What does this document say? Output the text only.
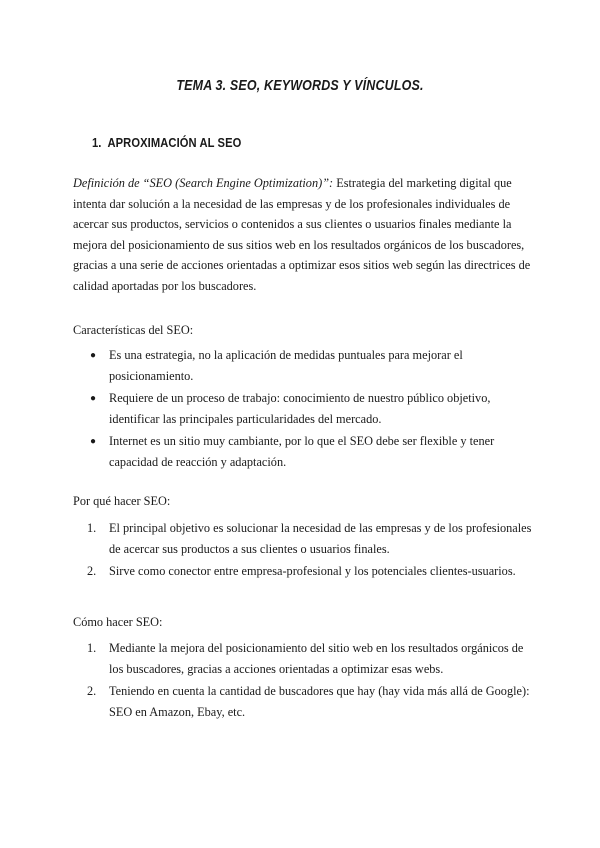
TEMA 3. SEO, KEYWORDS Y VÍNCULOS.
1. APROXIMACIÓN AL SEO
Definición de “SEO (Search Engine Optimization)”: Estrategia del marketing digital que intenta dar solución a la necesidad de las empresas y de los profesionales individuales de acercar sus productos, servicios o contenidos a sus clientes o usuarios finales mediante la mejora del posicionamiento de sus sitios web en los resultados orgánicos de los buscadores, gracias a una serie de acciones orientadas a optimizar esos sitios web según las directrices de calidad aportadas por los buscadores.
Características del SEO:
● Es una estrategia, no la aplicación de medidas puntuales para mejorar el posicionamiento.
● Requiere de un proceso de trabajo: conocimiento de nuestro público objetivo, identificar las principales particularidades del mercado.
● Internet es un sitio muy cambiante, por lo que el SEO debe ser flexible y tener capacidad de reacción y adaptación.
Por qué hacer SEO:
1. El principal objetivo es solucionar la necesidad de las empresas y de los profesionales de acercar sus productos a sus clientes o usuarios finales.
2. Sirve como conector entre empresa-profesional y los potenciales clientes-usuarios.
Cómo hacer SEO:
1. Mediante la mejora del posicionamiento del sitio web en los resultados orgánicos de los buscadores, gracias a acciones orientadas a optimizar esas webs.
2. Teniendo en cuenta la cantidad de buscadores que hay (hay vida más allá de Google): SEO en Amazon, Ebay, etc.
